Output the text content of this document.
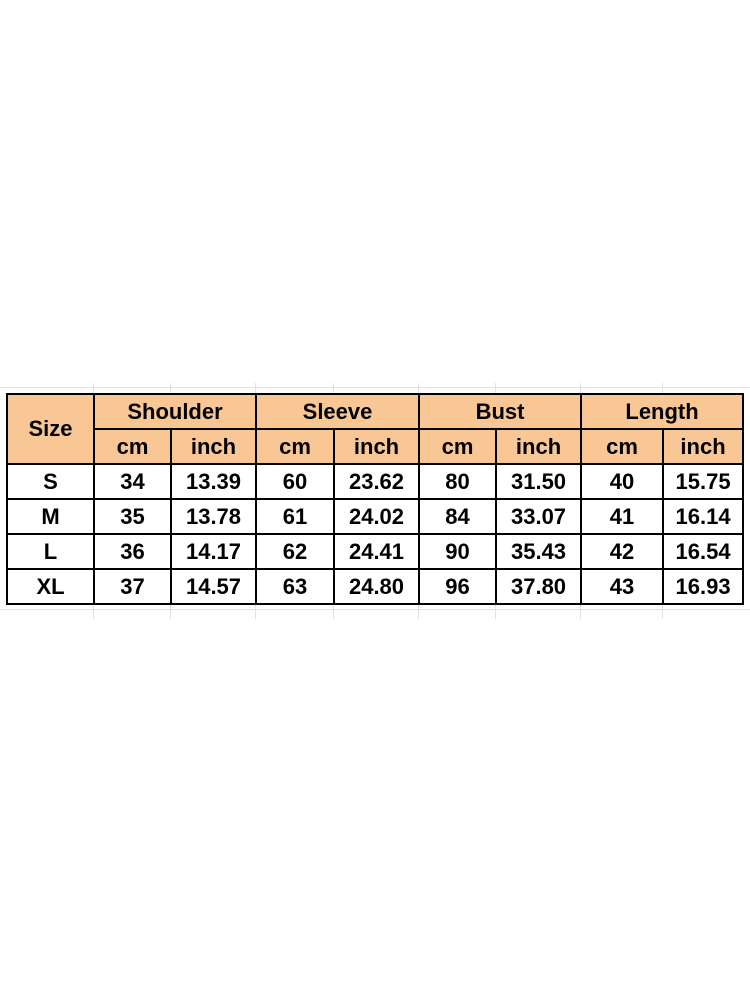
Size	Shoulder		Sleeve		Bust		Length	
	cm	inch	cm	inch	cm	inch	cm	inch
S	34	13.39	60	23.62	80	31.50	40	15.75
M	35	13.78	61	24.02	84	33.07	41	16.14
L	36	14.17	62	24.41	90	35.43	42	16.54
XL	37	14.57	63	24.80	96	37.80	43	16.93
